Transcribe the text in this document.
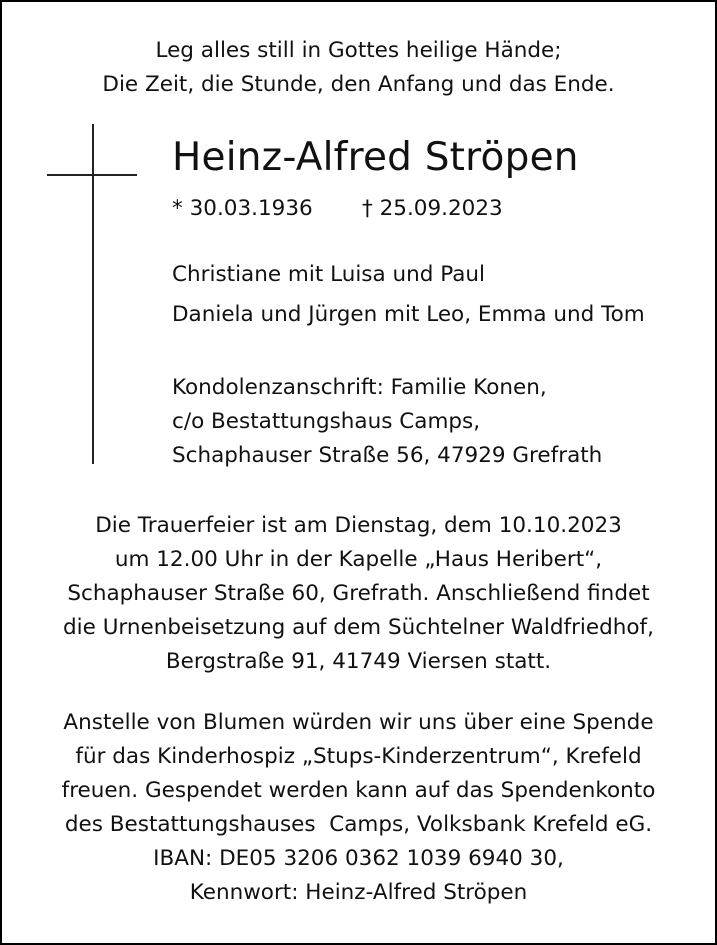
Leg alles still in Gottes heilige Hände;
Die Zeit, die Stunde, den Anfang und das Ende.
Heinz-Alfred Ströpen
* 30.03.1936 † 25.09.2023
Christiane mit Luisa und Paul
Daniela und Jürgen mit Leo, Emma und Tom
Kondolenzanschrift: Familie Konen,
c/o Bestattungshaus Camps,
Schaphauser Straße 56, 47929 Grefrath
Die Trauerfeier ist am Dienstag, dem 10.10.2023
um 12.00 Uhr in der Kapelle „Haus Heribert“,
Schaphauser Straße 60, Grefrath. Anschließend findet
die Urnenbeisetzung auf dem Süchtelner Waldfriedhof,
Bergstraße 91, 41749 Viersen statt.
Anstelle von Blumen würden wir uns über eine Spende
für das Kinderhospiz „Stups-Kinderzentrum“, Krefeld
freuen. Gespendet werden kann auf das Spendenkonto
des Bestattungshauses  Camps, Volksbank Krefeld eG.
IBAN: DE05 3206 0362 1039 6940 30,
Kennwort: Heinz-Alfred Ströpen
